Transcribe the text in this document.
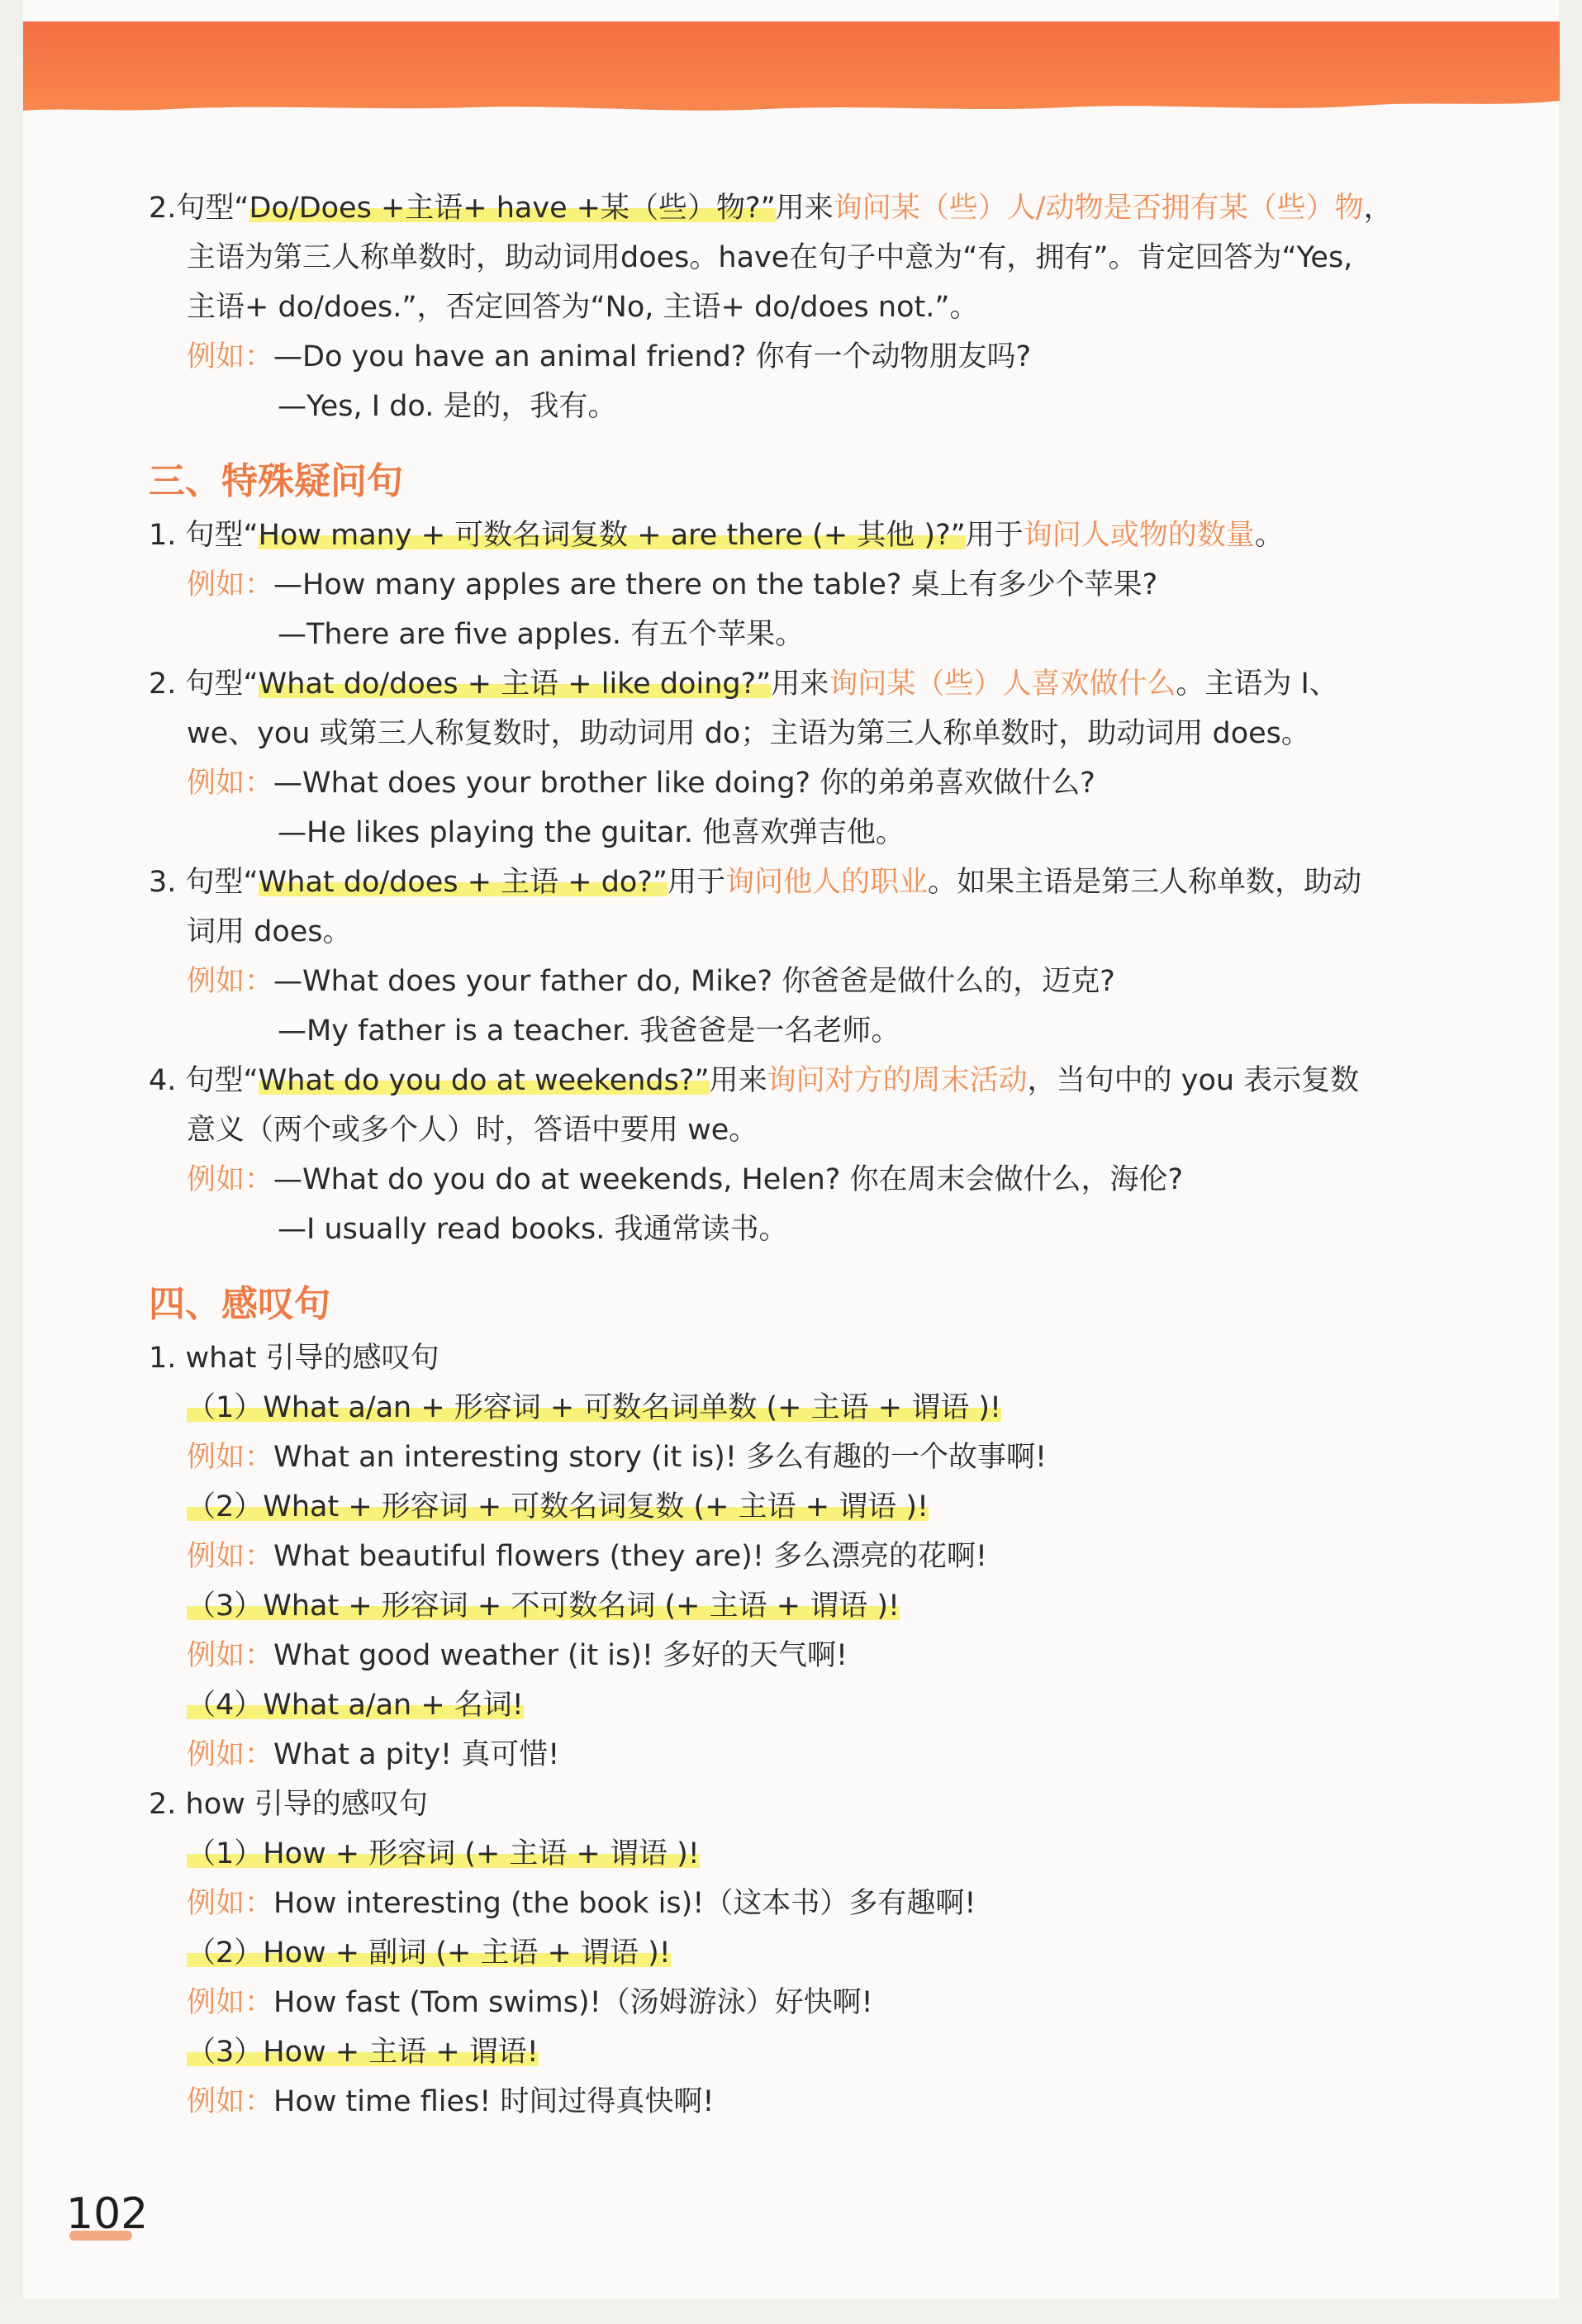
2.句型“Do/Does +主语+ have +某（些）物?”用来询问某（些）人/动物是否拥有某（些）物，
主语为第三人称单数时，助动词用does。have在句子中意为“有，拥有”。肯定回答为“Yes,
主语+ do/does.”，否定回答为“No, 主语+ do/does not.”。
例如：—Do you have an animal friend? 你有一个动物朋友吗?
—Yes, I do. 是的，我有。
三、特殊疑问句
1. 句型“How many + 可数名词复数 + are there (+ 其他 )?”用于询问人或物的数量。
例如：—How many apples are there on the table? 桌上有多少个苹果?
—There are five apples. 有五个苹果。
2. 句型“What do/does + 主语 + like doing?”用来询问某（些）人喜欢做什么。主语为 I、
we、you 或第三人称复数时，助动词用 do；主语为第三人称单数时，助动词用 does。
例如：—What does your brother like doing? 你的弟弟喜欢做什么?
—He likes playing the guitar. 他喜欢弹吉他。
3. 句型“What do/does + 主语 + do?”用于询问他人的职业。如果主语是第三人称单数，助动
词用 does。
例如：—What does your father do, Mike? 你爸爸是做什么的，迈克?
—My father is a teacher. 我爸爸是一名老师。
4. 句型“What do you do at weekends?”用来询问对方的周末活动，当句中的 you 表示复数
意义（两个或多个人）时，答语中要用 we。
例如：—What do you do at weekends, Helen? 你在周末会做什么，海伦?
—I usually read books. 我通常读书。
四、感叹句
1. what 引导的感叹句
（1）What a/an + 形容词 + 可数名词单数 (+ 主语 + 谓语 )!
例如：What an interesting story (it is)! 多么有趣的一个故事啊!
（2）What + 形容词 + 可数名词复数 (+ 主语 + 谓语 )!
例如：What beautiful flowers (they are)! 多么漂亮的花啊!
（3）What + 形容词 + 不可数名词 (+ 主语 + 谓语 )!
例如：What good weather (it is)! 多好的天气啊!
（4）What a/an + 名词!
例如：What a pity! 真可惜!
2. how 引导的感叹句
（1）How + 形容词 (+ 主语 + 谓语 )!
例如：How interesting (the book is)!（这本书）多有趣啊!
（2）How + 副词 (+ 主语 + 谓语 )!
例如：How fast (Tom swims)!（汤姆游泳）好快啊!
（3）How + 主语 + 谓语!
例如：How time flies! 时间过得真快啊!
102
